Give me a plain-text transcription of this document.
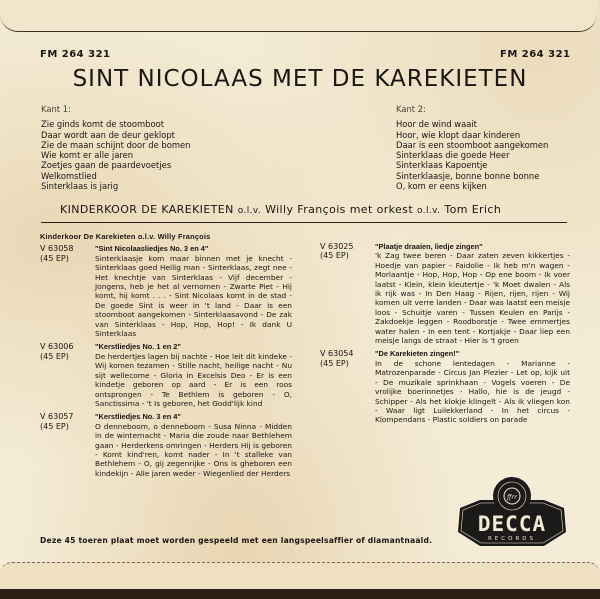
FM 264 321	FM 264 321
SINT NICOLAAS MET DE KAREKIETEN
Kant 1:
Zie ginds komt de stoomboot
Daar wordt aan de deur geklopt
Zie de maan schijnt door de bomen
Wie komt er alle jaren
Zoetjes gaan de paardevoetjes
Welkomstlied
Sinterklaas is jarig
Kant 2:
Hoor de wind waait
Hoor, wie klopt daar kinderen
Daar is een stoomboot aangekomen
Sinterklaas die goede Heer
Sinterklaas Kapoentje
Sinterklaasje, bonne bonne bonne
O, kom er eens kijken
KINDERKOOR DE KAREKIETEN o.l.v. Willy François met orkest o.l.v. Tom Erich
Kinderkoor De Karekieten o.l.v. Willy François
V 63058
(45 EP)
"Sint Nicolaasliedjes No. 3 en 4"
Sinterklaasje kom maar binnen met je knecht - Sinterklaas goed Heilig man - Sinterklaas, zegt nee - Het knechtje van Sinterklaas - Vijf december - Jongens, heb je het al vernomen - Zwarte Piet - Hij komt, hij komt . . . - Sint Nicolaas komt in de stad - De goede Sint is weer in 't land - Daar is een stoomboot aangekomen - Sinterklaasavond - De zak van Sinterklaas - Hop, Hop, Hop! - Ik dank U Sinterklaas
V 63006
(45 EP)
"Kerstliedjes No. 1 en 2"
De herdertjes lagen bij nachte - Hoe leit dit kindeke - Wij komen tezamen - Stille nacht, heilige nacht - Nu sijt wellecome - Gloria in Excelsis Deo - Er is een kindetje geboren op aard - Er is een roos ontsprongen - Te Bethlem is geboren - O, Sanctissima - 't Is geboren, het Godd'lijk kind
V 63057
(45 EP)
"Kerstliedjes No. 3 en 4"
O denneboom, o denneboom - Susa Ninna - Midden in de winternacht - Maria die zoude naar Bethlehem gaan - Herderkens omringen - Herders Hij is geboren - Komt kind'ren, komt nader - In 't stalleke van Bethlehem - O, gij zegenrijke - Ons is gheboren een kindekijn - Alle jaren weder - Wiegenlied der Herders
V 63025
(45 EP)
"Plaatje draaien, liedje zingen"
'k Zag twee beren - Daar zaten zeven kikkertjes - Hoedje van papier - Faidolie - Ik heb m'n wagen - Morlaantje - Hop, Hop, Hop - Op ene boom - Ik voer laatst - Klein, klein kleutertje - 'k Moet dwalen - Als ik rijk was - In Den Haag - Rijen, rijen, rijen - Wij komen uit verre landen - Daar was laatst een meisje loos - Schuitje varen - Tussen Keulen en Parijs - Zakdoekje leggen - Roodborstje - Twee emmertjes water halen - In een tent - Kortjakje - Daar liep een meisje langs de straat - Hier is 't groen
V 63054
(45 EP)
"De Karekieten zingen!"
In de schone lentedagen - Marianne - Matrozenparade - Circus Jan Plezier - Let op, kijk uit - De muzikale sprinkhaan - Vogels voeren - De vrolijke boerinnetjes - Hallo, hie is de jeugd - Schipper - Als het klokje klingelt - Als ik vliegen kon - Waar ligt Luilekkerland - In het circus - Klompendans - Plastic soldiers on parade
Deze 45 toeren plaat moet worden gespeeld met een langspeelsaffier of diamantnaald.
ffrr
DECCA
RECORDS
